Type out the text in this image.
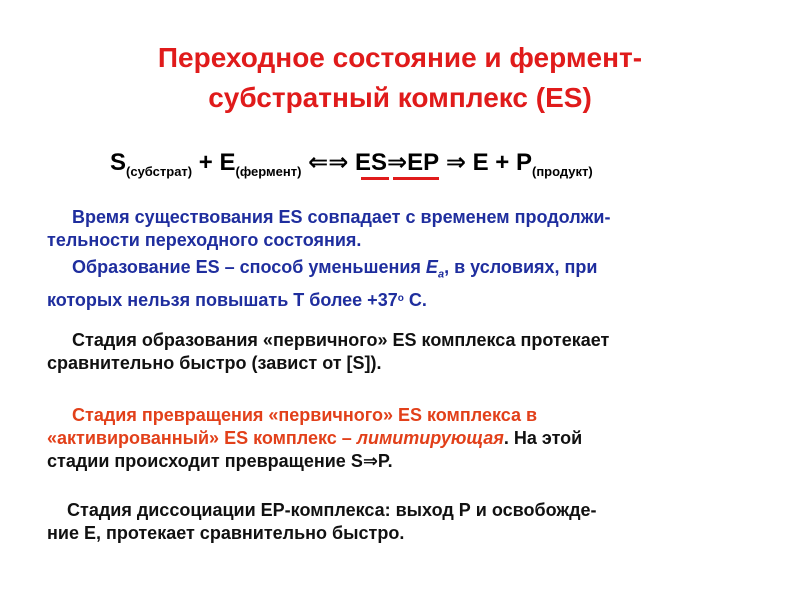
Переходное состояние и фермент-
субстратный комплекс (ES)
$S_{(субстрат)} + E_{(фермент)}$ ⇐⇒ ES⇒EP ⇒ $E + P_{(продукт)}$
Время существования ES совпадает с временем продолжи-
тельности переходного состояния.
Образование ES – способ уменьшения $E_a$, в условиях, при
которых нельзя повышать Т более $+37^o$ С.
Стадия образования «первичного» ES комплекса протекает
сравнительно быстро (завист от [S]).
Стадия превращения «первичного» ES комплекса в
«активированный» ES комплекс – лимитирующая. На этой
стадии происходит превращение S⇒P.
Стадия диссоциации ЕР-комплекса: выход Р и освобожде-
ние Е, протекает сравнительно быстро.
